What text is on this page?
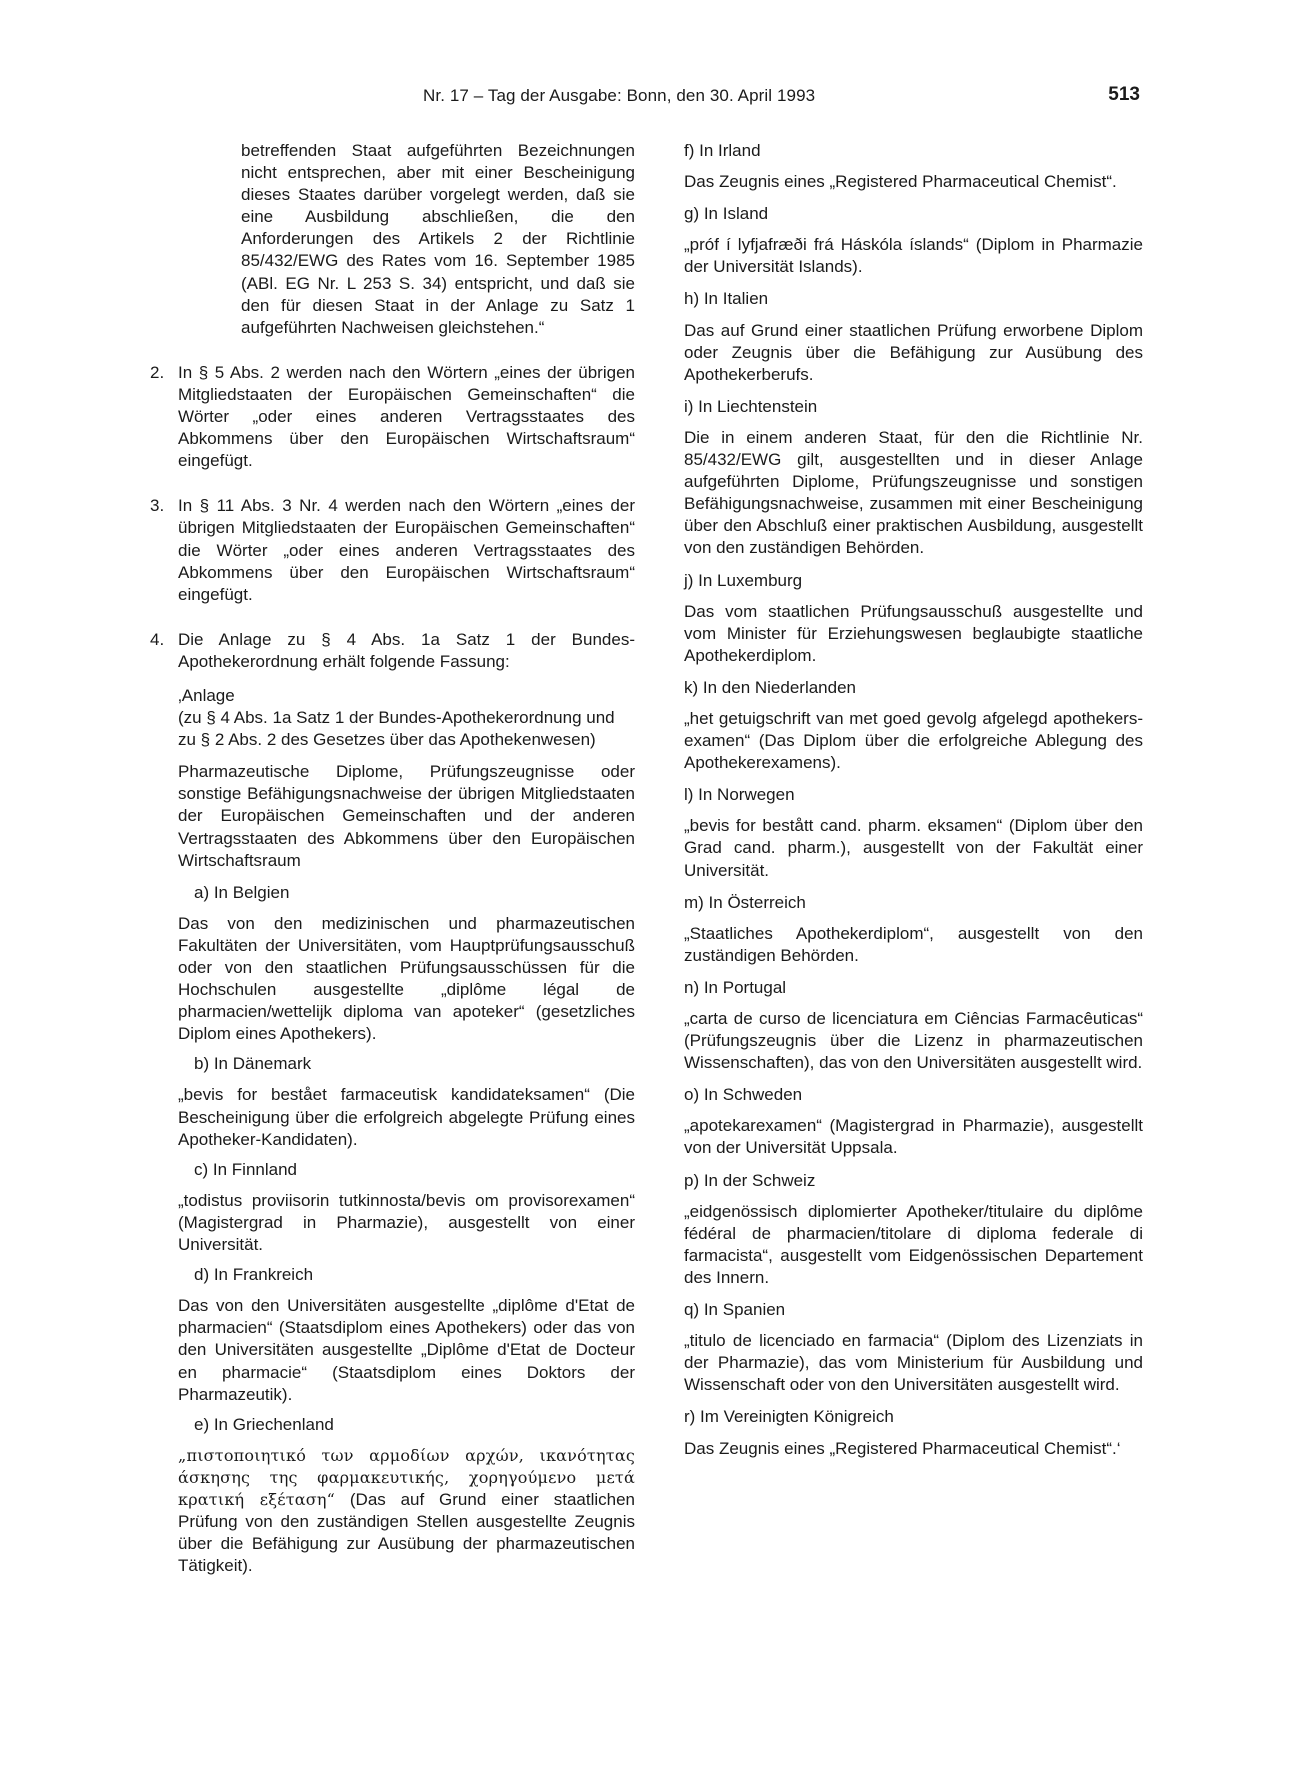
Nr. 17 – Tag der Ausgabe: Bonn, den 30. April 1993	513

betreffenden Staat aufgeführten Bezeichnungen nicht entsprechen, aber mit einer Bescheinigung dieses Staates darüber vorgelegt werden, daß sie eine Ausbildung abschließen, die den Anforderungen des Artikels 2 der Richtlinie 85/432/EWG des Rates vom 16. September 1985 (ABl. EG Nr. L 253 S. 34) entspricht, und daß sie den für diesen Staat in der Anlage zu Satz 1 aufgeführten Nachweisen gleichstehen.“

2. In § 5 Abs. 2 werden nach den Wörtern „eines der übrigen Mitgliedstaaten der Europäischen Gemeinschaften“ die Wörter „oder eines anderen Vertragsstaates des Abkommens über den Europäischen Wirtschaftsraum“ eingefügt.

3. In § 11 Abs. 3 Nr. 4 werden nach den Wörtern „eines der übrigen Mitgliedstaaten der Europäischen Gemeinschaften“ die Wörter „oder eines anderen Vertragsstaates des Abkommens über den Europäischen Wirtschaftsraum“ eingefügt.

4. Die Anlage zu § 4 Abs. 1a Satz 1 der Bundes-Apothekerordnung erhält folgende Fassung:

‚Anlage

(zu § 4 Abs. 1a Satz 1 der Bundes-Apothekerordnung und zu § 2 Abs. 2 des Gesetzes über das Apothekenwesen)

Pharmazeutische Diplome, Prüfungszeugnisse oder sonstige Befähigungsnachweise der übrigen Mitgliedstaaten der Europäischen Gemeinschaften und der anderen Vertragsstaaten des Abkommens über den Europäischen Wirtschaftsraum

a) In Belgien

Das von den medizinischen und pharmazeutischen Fakultäten der Universitäten, vom Hauptprüfungsausschuß oder von den staatlichen Prüfungsausschüssen für die Hochschulen ausgestellte „diplôme légal de pharmacien/wettelijk diploma van apoteker“ (gesetzliches Diplom eines Apothekers).

b) In Dänemark

„bevis for bestået farmaceutisk kandidateksamen“ (Die Bescheinigung über die erfolgreich abgelegte Prüfung eines Apotheker-Kandidaten).

c) In Finnland

„todistus proviisorin tutkinnosta/bevis om provisorexamen“ (Magistergrad in Pharmazie), ausgestellt von einer Universität.

d) In Frankreich

Das von den Universitäten ausgestellte „diplôme d'Etat de pharmacien“ (Staatsdiplom eines Apothekers) oder das von den Universitäten ausgestellte „Diplôme d'Etat de Docteur en pharmacie“ (Staatsdiplom eines Doktors der Pharmazeutik).

e) In Griechenland

„πιστοποιητικό των αρμοδίων αρχών, ικανότητας άσκησης της φαρμακευτικής, χορηγούμενο μετά κρατική εξέταση“ (Das auf Grund einer staatlichen Prüfung von den zuständigen Stellen ausgestellte Zeugnis über die Befähigung zur Ausübung der pharmazeutischen Tätigkeit).

f) In Irland

Das Zeugnis eines „Registered Pharmaceutical Chemist“.

g) In Island

„próf í lyfjafræði frá Háskóla íslands“ (Diplom in Pharmazie der Universität Islands).

h) In Italien

Das auf Grund einer staatlichen Prüfung erworbene Diplom oder Zeugnis über die Befähigung zur Ausübung des Apothekerberufs.

i) In Liechtenstein

Die in einem anderen Staat, für den die Richtlinie Nr. 85/432/EWG gilt, ausgestellten und in dieser Anlage aufgeführten Diplome, Prüfungszeugnisse und sonstigen Befähigungsnachweise, zusammen mit einer Bescheinigung über den Abschluß einer praktischen Ausbildung, ausgestellt von den zuständigen Behörden.

j) In Luxemburg

Das vom staatlichen Prüfungsausschuß ausgestellte und vom Minister für Erziehungswesen beglaubigte staatliche Apothekerdiplom.

k) In den Niederlanden

„het getuigschrift van met goed gevolg afgelegd apothekers-examen“ (Das Diplom über die erfolgreiche Ablegung des Apothekerexamens).

l) In Norwegen

„bevis for bestått cand. pharm. eksamen“ (Diplom über den Grad cand. pharm.), ausgestellt von der Fakultät einer Universität.

m) In Österreich

„Staatliches Apothekerdiplom“, ausgestellt von den zuständigen Behörden.

n) In Portugal

„carta de curso de licenciatura em Ciências Farmacêuticas“ (Prüfungszeugnis über die Lizenz in pharmazeutischen Wissenschaften), das von den Universitäten ausgestellt wird.

o) In Schweden

„apotekarexamen“ (Magistergrad in Pharmazie), ausgestellt von der Universität Uppsala.

p) In der Schweiz

„eidgenössisch diplomierter Apotheker/titulaire du diplôme fédéral de pharmacien/titolare di diploma federale di farmacista“, ausgestellt vom Eidgenössischen Departement des Innern.

q) In Spanien

„titulo de licenciado en farmacia“ (Diplom des Lizenziats in der Pharmazie), das vom Ministerium für Ausbildung und Wissenschaft oder von den Universitäten ausgestellt wird.

r) Im Vereinigten Königreich

Das Zeugnis eines „Registered Pharmaceutical Chemist“.‘
